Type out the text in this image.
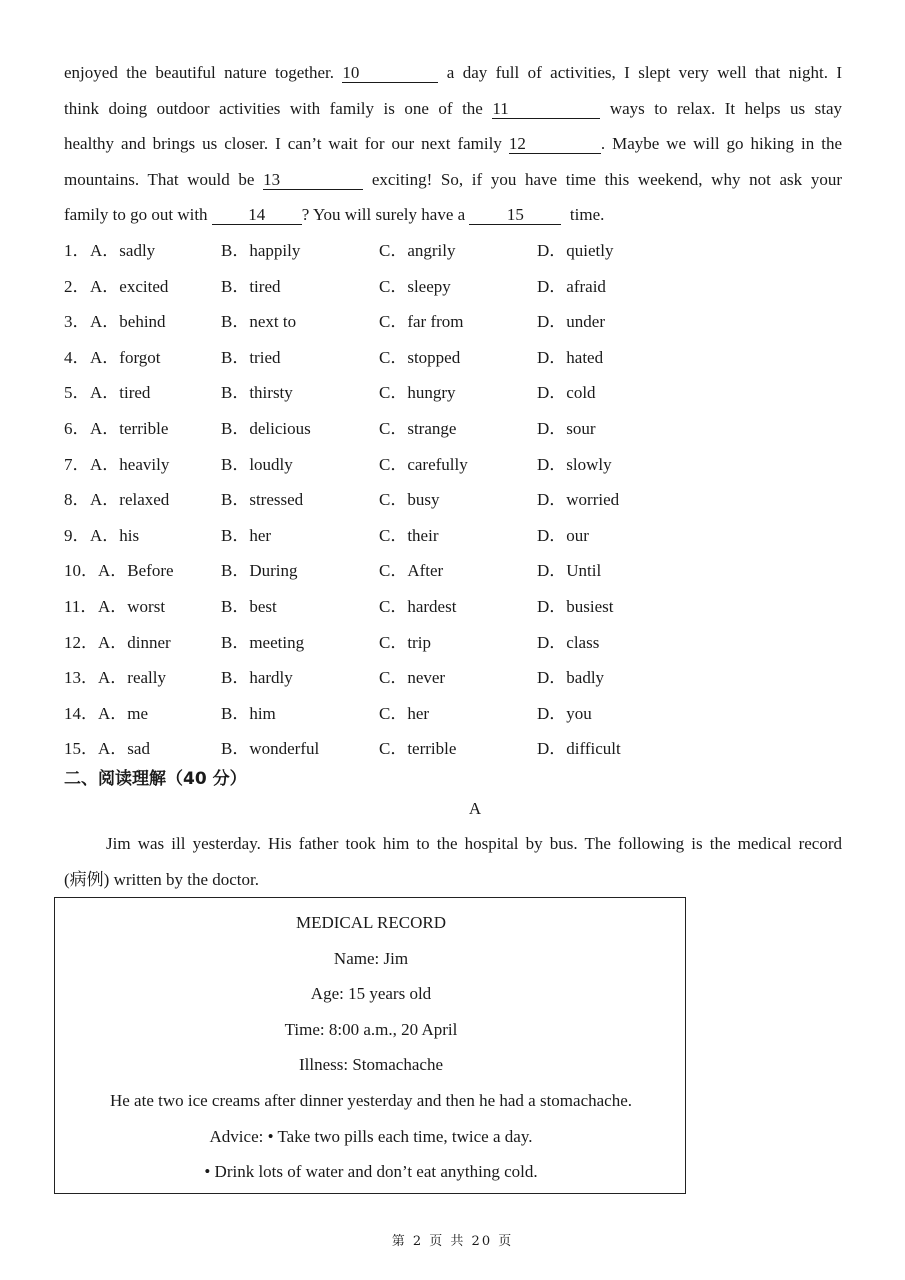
enjoyed the beautiful nature together. 10	a day full of activities, I slept very well that night. I
think doing outdoor activities with family is one of the 11	ways to relax. It helps us stay
healthy and brings us closer. I can’t wait for our next family 12	. Maybe we will go hiking in the
mountains. That would be 13	exciting! So, if you have time this weekend, why not ask your
family to go out with 14 ? You will surely have a 15	time.
1． A．sadly	B．happily	C．angrily	D．quietly
2． A．excited	B．tired	C．sleepy	D．afraid
3． A．behind	B．next to	C．far from	D．under
4． A．forgot	B．tried	C．stopped	D．hated
5． A．tired	B．thirsty	C．hungry	D．cold
6． A．terrible	B．delicious	C．strange	D．sour
7． A．heavily	B．loudly	C．carefully	D．slowly
8． A．relaxed	B．stressed	C．busy	D．worried
9． A．his	B．her	C．their	D．our
10． A．Before	B．During	C．After	D．Until
11． A．worst	B．best	C．hardest	D．busiest
12． A．dinner	B．meeting	C．trip	D．class
13． A．really	B．hardly	C．never	D．badly
14． A．me	B．him	C．her	D．you
15． A．sad	B．wonderful	C．terrible	D．difficult
二、阅读理解（40 分）
A
Jim was ill yesterday. His father took him to the hospital by bus. The following is the medical record
(病例) written by the doctor.
MEDICAL RECORD
Name: Jim
Age: 15 years old
Time: 8:00 a.m., 20 April
Illness: Stomachache
He ate two ice creams after dinner yesterday and then he had a stomachache.
Advice: • Take two pills each time, twice a day.
• Drink lots of water and don’t eat anything cold.
第 2 页 共 20 页
